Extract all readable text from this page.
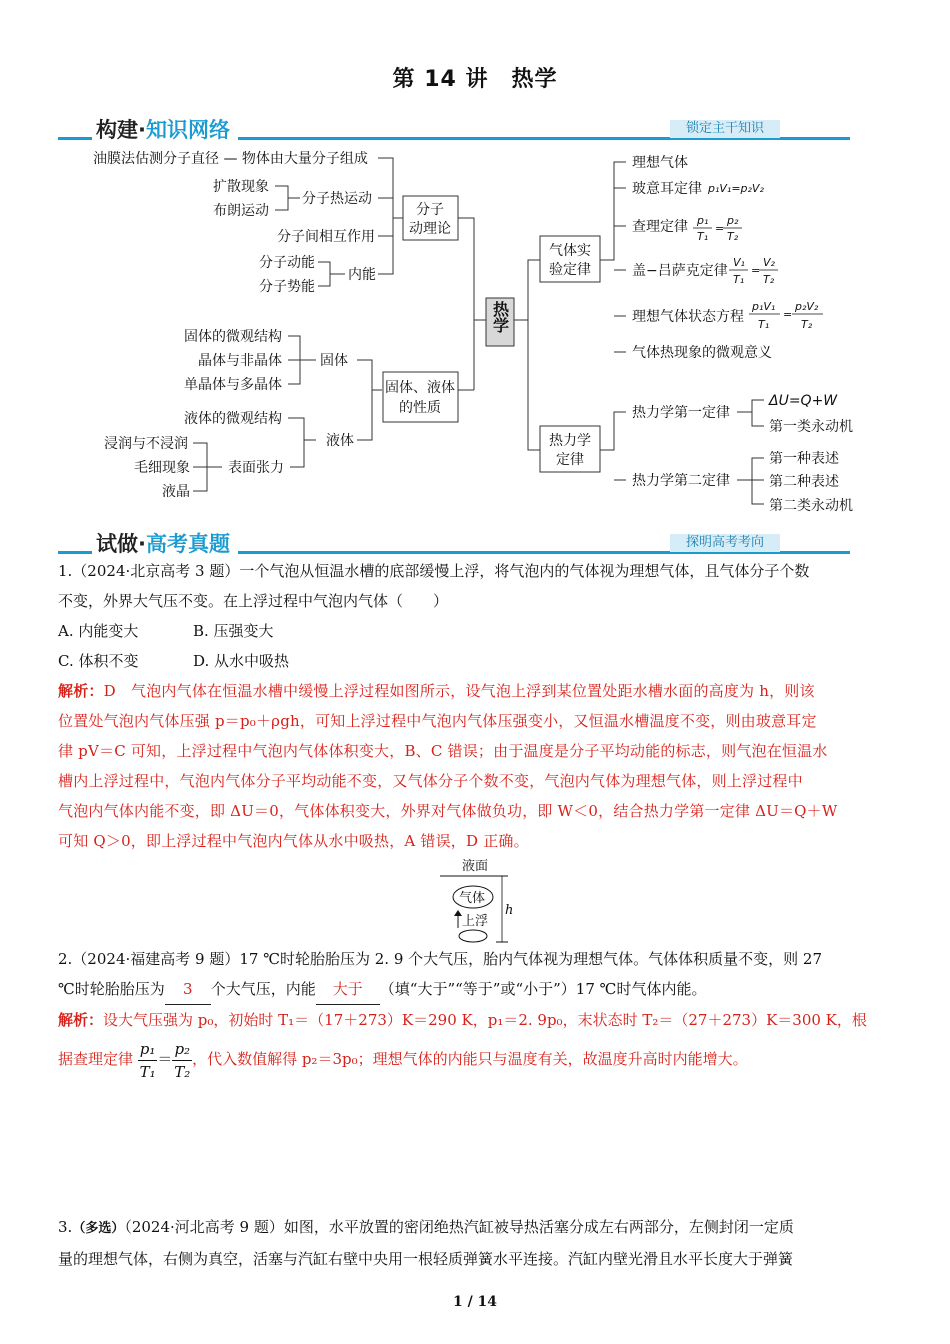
第 14 讲　热学
构建·知识网络	锁定主干知识
热学
油膜法估测分子直径 — 物体由大量分子组成
扩散现象
布朗运动
分子热运动
分子间相互作用
分子动能
分子势能
内能
分子
动理论
固体的微观结构
晶体与非晶体
单晶体与多晶体
固体
液体的微观结构
浸润与不浸润
毛细现象
液晶
表面张力
液体
固体、液体
的性质
气体实
验定律
理想气体
玻意耳定律
查理定律
盖−吕萨克定律
理想气体状态方程
气体热现象的微观意义
热力学
定律
热力学第一定律
ΔU=Q+W
第一类永动机
热力学第二定律
第一种表述
第二种表述
第二类永动机
p₁V₁=p₂V₂
p₁
T₁
=
p₂
T₂
V₁
T₁
=
V₂
T₂
p₁V₁
T₁
=
p₂V₂
T₂
试做·高考真题	探明高考考向
1.（2024·北京高考 3 题）一个气泡从恒温水槽的底部缓慢上浮，将气泡内的气体视为理想气体，且气体分子个数
不变，外界大气压不变。在上浮过程中气泡内气体（　　）
A. 内能变大	B. 压强变大
C. 体积不变	D. 从水中吸热
解析：D　气泡内气体在恒温水槽中缓慢上浮过程如图所示，设气泡上浮到某位置处距水槽水面的高度为 h，则该
位置处气泡内气体压强 p＝p₀＋ρgh，可知上浮过程中气泡内气体压强变小，又恒温水槽温度不变，则由玻意耳定
律 pV＝C 可知，上浮过程中气泡内气体体积变大，B、C 错误；由于温度是分子平均动能的标志，则气泡在恒温水
槽内上浮过程中，气泡内气体分子平均动能不变，又气体分子个数不变，气泡内气体为理想气体，则上浮过程中
气泡内气体内能不变，即 ΔU＝0，气体体积变大，外界对气体做负功，即 W＜0，结合热力学第一定律 ΔU＝Q＋W
可知 Q＞0，即上浮过程中气泡内气体从水中吸热，A 错误，D 正确。
液面
h
气体
上浮
2.（2024·福建高考 9 题）17 ℃时轮胎胎压为 2. 9 个大气压，胎内气体视为理想气体。气体体积质量不变，则 27
℃时轮胎胎压为 3 个大气压，内能 大于 （填“大于”“等于”或“小于”）17 ℃时气体内能。
解析：设大气压强为 p₀，初始时 T₁＝（17＋273）K＝290 K，p₁＝2. 9p₀，末状态时 T₂＝（27＋273）K＝300 K，根
据查理定律 $\frac{\text{p₁}}{\text{T₁}} = \frac{\text{p₂}}{\text{T₂}}$ ，代入数值解得 p₂＝3p₀；理想气体的内能只与温度有关，故温度升高时内能增大。
3.（多选）（2024·河北高考 9 题）如图，水平放置的密闭绝热汽缸被导热活塞分成左右两部分，左侧封闭一定质
量的理想气体，右侧为真空，活塞与汽缸右壁中央用一根轻质弹簧水平连接。汽缸内壁光滑且水平长度大于弹簧
1 / 14
